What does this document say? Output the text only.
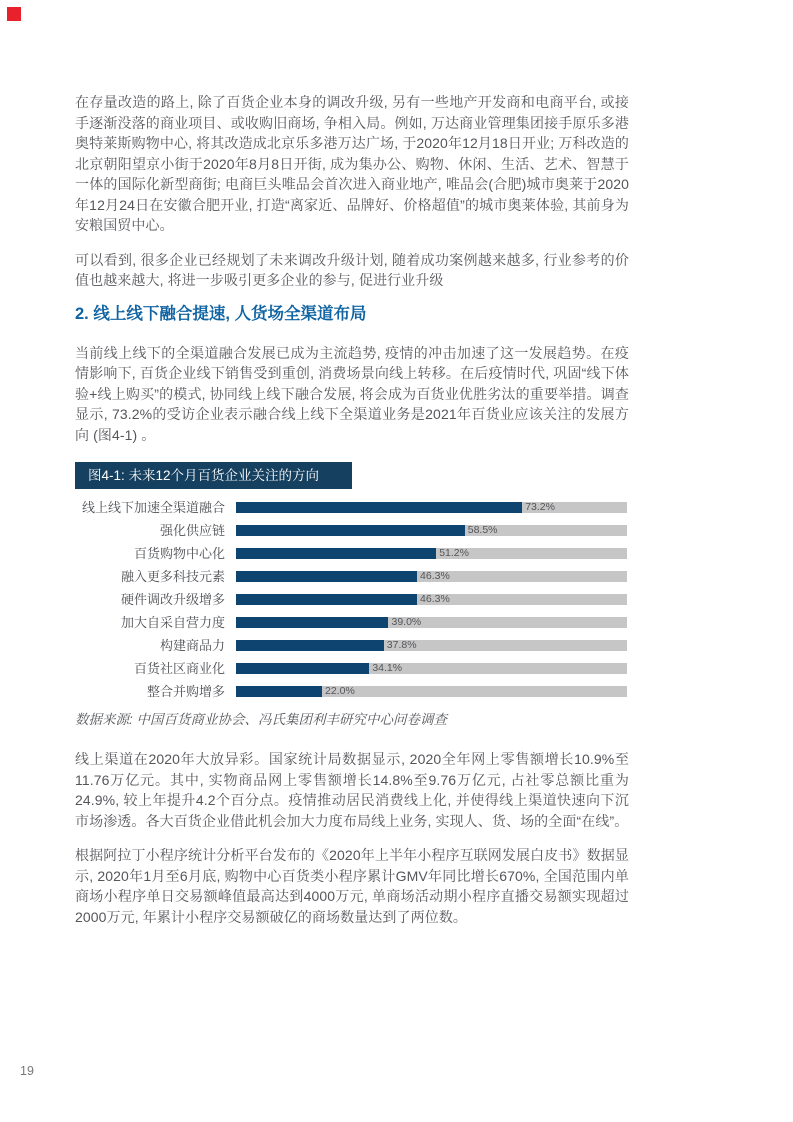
在存量改造的路上, 除了百货企业本身的调改升级, 另有一些地产开发商和电商平台, 或接手逐渐没落的商业项目、或收购旧商场, 争相入局。例如, 万达商业管理集团接手原乐多港奥特莱斯购物中心, 将其改造成北京乐多港万达广场, 于2020年12月18日开业; 万科改造的北京朝阳望京小街于2020年8月8日开街, 成为集办公、购物、休闲、生活、艺术、智慧于一体的国际化新型商街; 电商巨头唯品会首次进入商业地产, 唯品会(合肥)城市奥莱于2020年12月24日在安徽合肥开业, 打造“离家近、品牌好、价格超值”的城市奥莱体验, 其前身为安粮国贸中心。

可以看到, 很多企业已经规划了未来调改升级计划, 随着成功案例越来越多, 行业参考的价值也越来越大, 将进一步吸引更多企业的参与, 促进行业升级

2. 线上线下融合提速, 人货场全渠道布局

当前线上线下的全渠道融合发展已成为主流趋势, 疫情的冲击加速了这一发展趋势。在疫情影响下, 百货企业线下销售受到重创, 消费场景向线上转移。在后疫情时代, 巩固“线下体验+线上购买”的模式, 协同线上线下融合发展, 将会成为百货业优胜劣汰的重要举措。调查显示, 73.2%的受访企业表示融合线上线下全渠道业务是2021年百货业应该关注的发展方向 (图4-1) 。

图4-1: 未来12个月百货企业关注的方向
线上线下加速全渠道融合	73.2%
强化供应链	58.5%
百货购物中心化	51.2%
融入更多科技元素	46.3%
硬件调改升级增多	46.3%
加大自采自营力度	39.0%
构建商品力	37.8%
百货社区商业化	34.1%
整合并购增多	22.0%
数据来源: 中国百货商业协会、冯氏集团利丰研究中心问卷调查

线上渠道在2020年大放异彩。国家统计局数据显示, 2020全年网上零售额增长10.9%至11.76万亿元。其中, 实物商品网上零售额增长14.8%至9.76万亿元, 占社零总额比重为24.9%, 较上年提升4.2个百分点。疫情推动居民消费线上化, 并使得线上渠道快速向下沉市场渗透。各大百货企业借此机会加大力度布局线上业务, 实现人、货、场的全面“在线”。

根据阿拉丁小程序统计分析平台发布的《2020年上半年小程序互联网发展白皮书》数据显示, 2020年1月至6月底, 购物中心百货类小程序累计GMV年同比增长670%, 全国范围内单商场小程序单日交易额峰值最高达到4000万元, 单商场活动期小程序直播交易额实现超过2000万元, 年累计小程序交易额破亿的商场数量达到了两位数。

19
